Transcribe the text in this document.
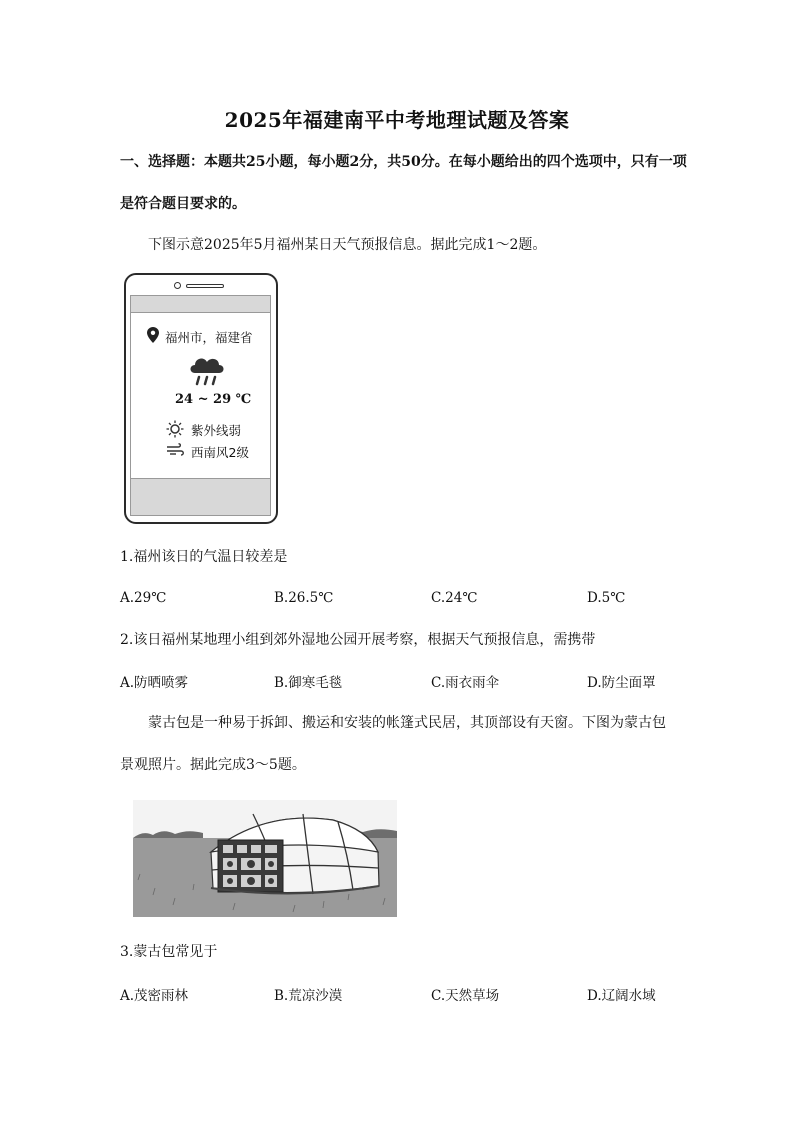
2025年福建南平中考地理试题及答案
一、选择题：本题共25小题，每小题2分，共50分。在每小题给出的四个选项中，只有一项
是符合题目要求的。
下图示意2025年5月福州某日天气预报信息。据此完成1～2题。
福州市，福建省
24 ~ 29 ℃
紫外线弱
西南风2级
1.福州该日的气温日较差是
A.29℃	B.26.5℃	C.24℃	D.5℃
2.该日福州某地理小组到郊外湿地公园开展考察，根据天气预报信息，需携带
A.防晒喷雾	B.御寒毛毯	C.雨衣雨伞	D.防尘面罩
蒙古包是一种易于拆卸、搬运和安装的帐篷式民居，其顶部设有天窗。下图为蒙古包
景观照片。据此完成3～5题。
3.蒙古包常见于
A.茂密雨林	B.荒凉沙漠	C.天然草场	D.辽阔水域
